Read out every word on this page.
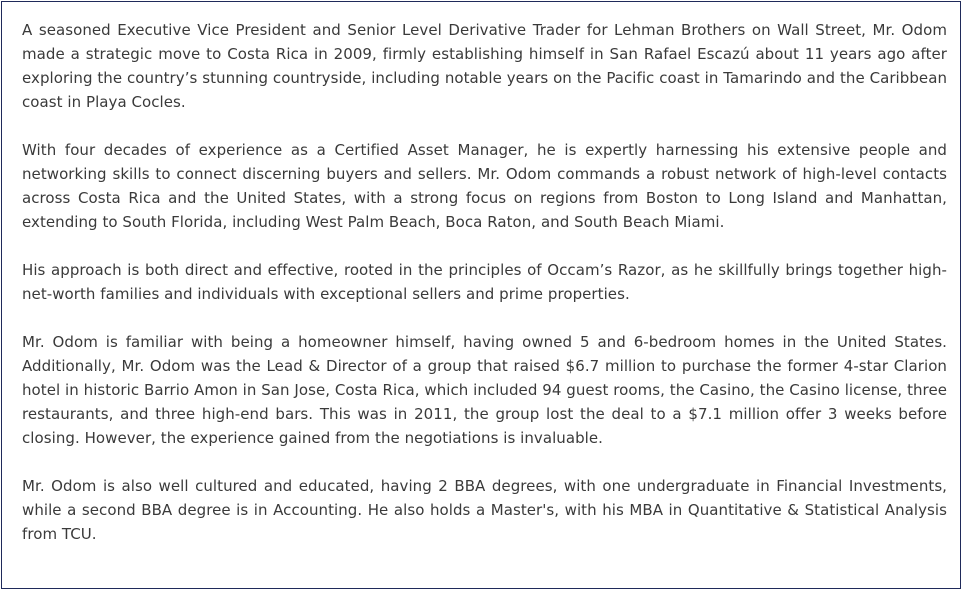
A seasoned Executive Vice President and Senior Level Derivative Trader for Lehman Brothers on Wall Street, Mr. Odom made a strategic move to Costa Rica in 2009, firmly establishing himself in San Rafael Escazú about 11 years ago after exploring the country’s stunning countryside, including notable years on the Pacific coast in Tamarindo and the Caribbean coast in Playa Cocles.

With four decades of experience as a Certified Asset Manager, he is expertly harnessing his extensive people and networking skills to connect discerning buyers and sellers. Mr. Odom commands a robust network of high-level contacts across Costa Rica and the United States, with a strong focus on regions from Boston to Long Island and Manhattan, extending to South Florida, including West Palm Beach, Boca Raton, and South Beach Miami.

His approach is both direct and effective, rooted in the principles of Occam’s Razor, as he skillfully brings together high-net-worth families and individuals with exceptional sellers and prime properties.

Mr. Odom is familiar with being a homeowner himself, having owned 5 and 6-bedroom homes in the United States. Additionally, Mr. Odom was the Lead & Director of a group that raised $6.7 million to purchase the former 4-star Clarion hotel in historic Barrio Amon in San Jose, Costa Rica, which included 94 guest rooms, the Casino, the Casino license, three restaurants, and three high-end bars. This was in 2011, the group lost the deal to a $7.1 million offer 3 weeks before closing. However, the experience gained from the negotiations is invaluable.

Mr. Odom is also well cultured and educated, having 2 BBA degrees, with one undergraduate in Financial Investments, while a second BBA degree is in Accounting. He also holds a Master's, with his MBA in Quantitative & Statistical Analysis from TCU.
